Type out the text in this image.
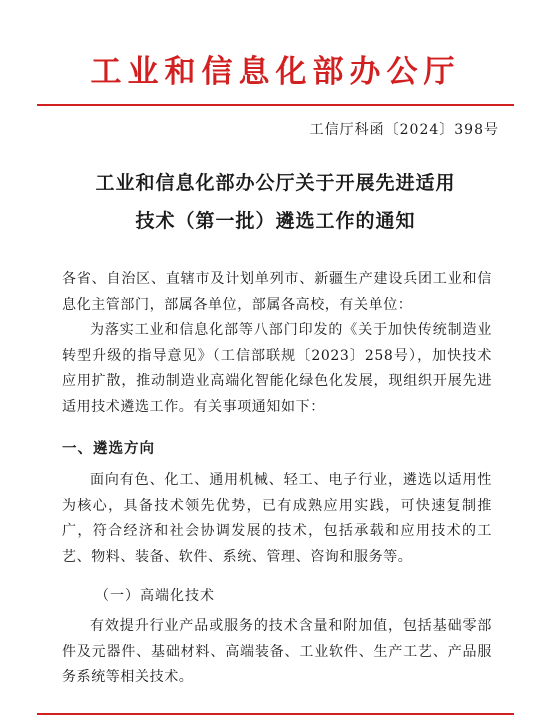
工业和信息化部办公厅
工信厅科函〔2024〕398号
工业和信息化部办公厅关于开展先进适用
技术（第一批）遴选工作的通知
各省、自治区、直辖市及计划单列市、新疆生产建设兵团工业和信息化主管部门，部属各单位，部属各高校，有关单位：
为落实工业和信息化部等八部门印发的《关于加快传统制造业转型升级的指导意见》（工信部联规〔2023〕258号），加快技术应用扩散，推动制造业高端化智能化绿色化发展，现组织开展先进适用技术遴选工作。有关事项通知如下：
一、遴选方向
面向有色、化工、通用机械、轻工、电子行业，遴选以适用性为核心，具备技术领先优势，已有成熟应用实践，可快速复制推广，符合经济和社会协调发展的技术，包括承载和应用技术的工艺、物料、装备、软件、系统、管理、咨询和服务等。
（一）高端化技术
有效提升行业产品或服务的技术含量和附加值，包括基础零部件及元器件、基础材料、高端装备、工业软件、生产工艺、产品服务系统等相关技术。
